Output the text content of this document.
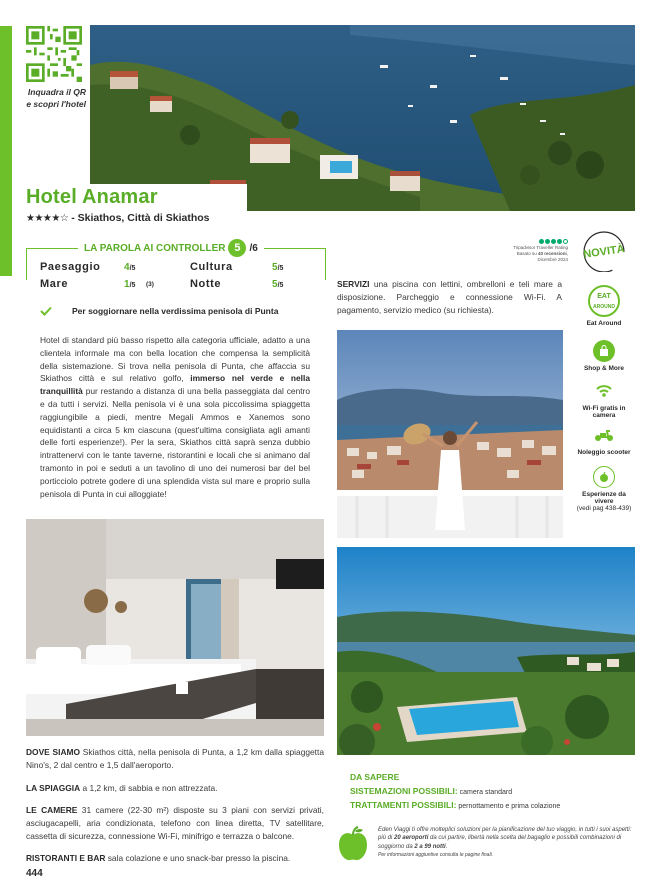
Inquadra il QR e scopri l'hotel
Hotel Anamar
★★★★☆ - Skiathos, Città di Skiathos
LA PAROLA AI CONTROLLER 5 /6
Paesaggio 4/5	Cultura	5/5
Mare	1/5 (3)	Notte	5/5
Per soggiornare nella verdissima penisola di Punta
Hotel di standard più basso rispetto alla categoria ufficiale, adatto a una clientela informale ma con bella location che compensa la semplicità della sistemazione. Si trova nella penisola di Punta, che affaccia su Skiathos città e sul relativo golfo, immerso nel verde e nella tranquillità pur restando a distanza di una bella passeggiata dal centro e da tutti i servizi. Nella penisola vi è una sola piccolissima spiaggetta raggiungibile a piedi, mentre Megali Ammos e Xanemos sono equidistanti a circa 5 km ciascuna (quest'ultima consigliata agli amanti delle forti esperienze!). Per la sera, Skiathos città saprà senza dubbio intrattenervi con le tante taverne, ristorantini e locali che si animano dal tramonto in poi e seduti a un tavolino di uno dei numerosi bar del bel porticciolo potrete godere di una splendida vista sul mare e proprio sulla penisola di Punta in cui alloggiate!
Tripadvisor Traveller Rating
Basato su 40 recensioni, Dicembre 2024 NOVITÀ
SERVIZI una piscina con lettini, ombrelloni e teli mare a disposizione. Parcheggio e connessione Wi-Fi. A pagamento, servizio medico (su richiesta).
EAT
AROUND
Eat Around
Shop & More
Wi-Fi gratis in camera
Noleggio scooter
Esperienze da vivere
(vedi pag 438-439)
DOVE SIAMO Skiathos città, nella penisola di Punta, a 1,2 km dalla spiaggetta Nino's, 2 dal centro e 1,5 dall'aeroporto.
LA SPIAGGIA a 1,2 km, di sabbia e non attrezzata.
LE CAMERE 31 camere (22-30 m²) disposte su 3 piani con servizi privati, asciugacapelli, aria condizionata, telefono con linea diretta, TV satellitare, cassetta di sicurezza, connessione Wi-Fi, minifrigo e terrazza o balcone.
RISTORANTI E BAR sala colazione e uno snack-bar presso la piscina.
444
DA SAPERE
SISTEMAZIONI POSSIBILI: camera standard
TRATTAMENTI POSSIBILI: pernottamento e prima colazione
Eden Viaggi ti offre molteplici soluzioni per la pianificazione del tuo viaggio, in tutti i suoi aspetti: più di 20 aeroporti da cui partire, libertà nella scelta del bagaglio e possibili combinazioni di soggiorno da 2 a 99 notti.
Per informazioni aggiuntive consulta le pagine finali.
